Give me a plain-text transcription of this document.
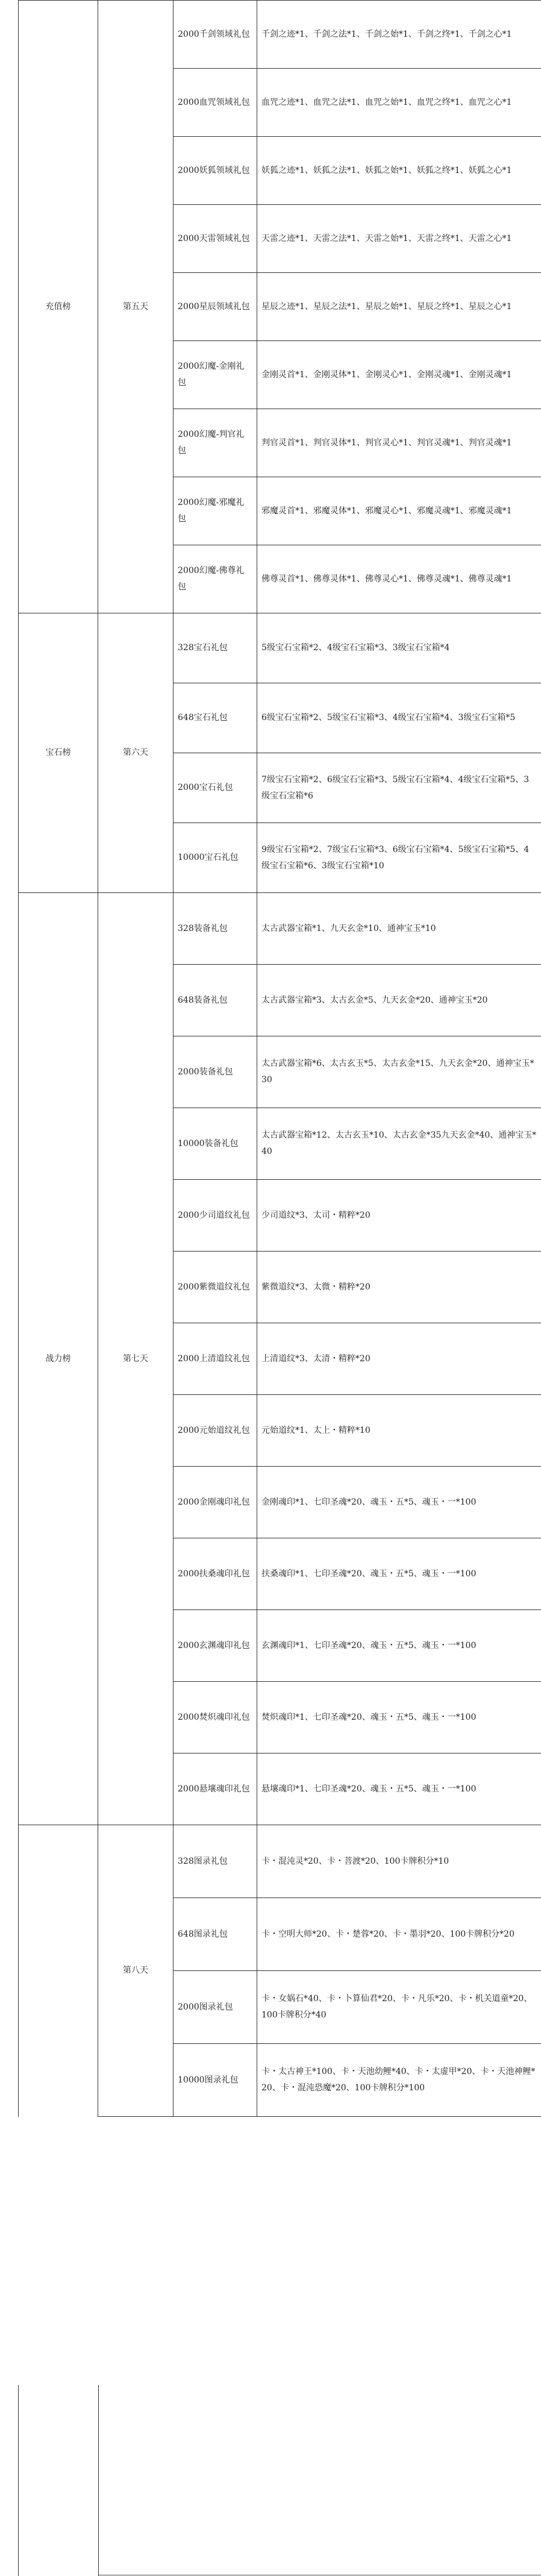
充值榜	第五天	2000千剑领域礼包	千剑之迹*1、千剑之法*1、千剑之始*1、千剑之终*1、千剑之心*1
		2000血咒领域礼包	血咒之迹*1、血咒之法*1、血咒之始*1、血咒之终*1、血咒之心*1
		2000妖狐领域礼包	妖狐之迹*1、妖狐之法*1、妖狐之始*1、妖狐之终*1、妖狐之心*1
		2000天雷领域礼包	天雷之迹*1、天雷之法*1、天雷之始*1、天雷之终*1、天雷之心*1
		2000星辰领域礼包	星辰之迹*1、星辰之法*1、星辰之始*1、星辰之终*1、星辰之心*1
		2000幻魔-金刚礼包	金刚灵首*1、金刚灵体*1、金刚灵心*1、金刚灵魂*1、金刚灵魂*1
		2000幻魔-判官礼包	判官灵首*1、判官灵体*1、判官灵心*1、判官灵魂*1、判官灵魂*1
		2000幻魔-邪魔礼包	邪魔灵首*1、邪魔灵体*1、邪魔灵心*1、邪魔灵魂*1、邪魔灵魂*1
		2000幻魔-佛尊礼包	佛尊灵首*1、佛尊灵体*1、佛尊灵心*1、佛尊灵魂*1、佛尊灵魂*1
宝石榜	第六天	328宝石礼包	5级宝石宝箱*2、4级宝石宝箱*3、3级宝石宝箱*4
		648宝石礼包	6级宝石宝箱*2、5级宝石宝箱*3、4级宝石宝箱*4、3级宝石宝箱*5
		2000宝石礼包	7级宝石宝箱*2、6级宝石宝箱*3、5级宝石宝箱*4、4级宝石宝箱*5、3级宝石宝箱*6
		10000宝石礼包	9级宝石宝箱*2、7级宝石宝箱*3、6级宝石宝箱*4、5级宝石宝箱*5、4级宝石宝箱*6、3级宝石宝箱*10
战力榜	第七天	328装备礼包	太古武器宝箱*1、九天玄金*10、通神宝玉*10
		648装备礼包	太古武器宝箱*3、太古玄金*5、九天玄金*20、通神宝玉*20
		2000装备礼包	太古武器宝箱*6、太古玄玉*5、太古玄金*15、九天玄金*20、通神宝玉*30
		10000装备礼包	太古武器宝箱*12、太古玄玉*10、太古玄金*35九天玄金*40、通神宝玉*40
		2000少司道纹礼包	少司道纹*3、太司・精粹*20
		2000紫微道纹礼包	紫微道纹*3、太微・精粹*20
		2000上清道纹礼包	上清道纹*3、太清・精粹*20
		2000元始道纹礼包	元始道纹*1、太上・精粹*10
		2000金刚魂印礼包	金刚魂印*1、七印圣魂*20、魂玉・五*5、魂玉・一*100
		2000扶桑魂印礼包	扶桑魂印*1、七印圣魂*20、魂玉・五*5、魂玉・一*100
		2000玄渊魂印礼包	玄渊魂印*1、七印圣魂*20、魂玉・五*5、魂玉・一*100
		2000焚炽魂印礼包	焚炽魂印*1、七印圣魂*20、魂玉・五*5、魂玉・一*100
		2000悬壤魂印礼包	悬壤魂印*1、七印圣魂*20、魂玉・五*5、魂玉・一*100
	第八天	328图录礼包	卡・混沌灵*20、卡・菩渡*20、100卡牌积分*10
		648图录礼包	卡・空明大师*20、卡・楚蓉*20、卡・墨羽*20、100卡牌积分*20
		2000图录礼包	卡・女娲石*40、卡・卜算仙君*20、卡・凡乐*20、卡・机关道童*20、100卡牌积分*40
		10000图录礼包	卡・太古神王*100、卡・天池幼鲤*40、卡・太虚甲*20、卡・天池神鲤*20、卡・混沌恐魔*20、100卡牌积分*100
